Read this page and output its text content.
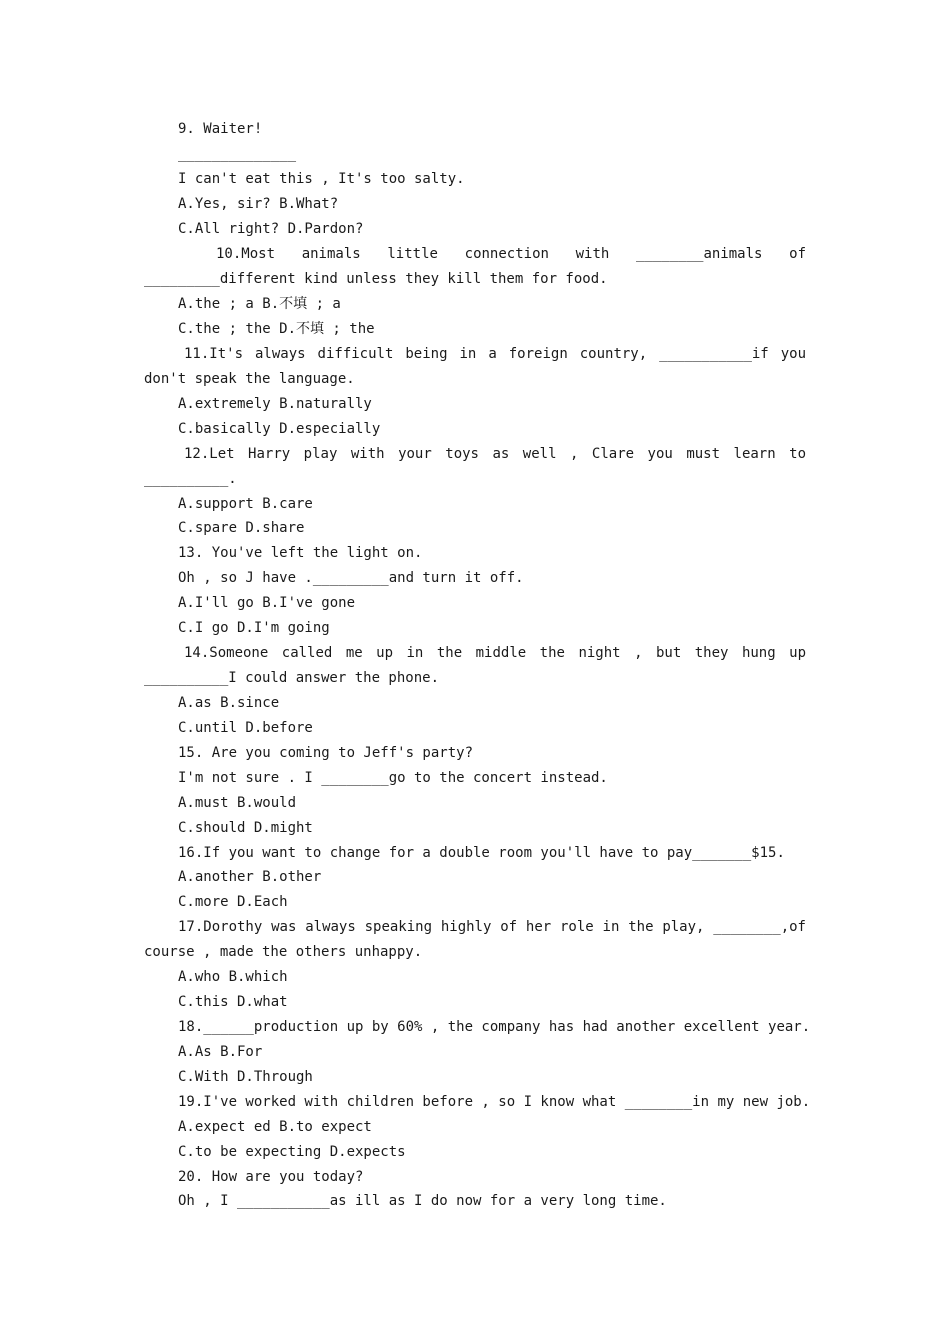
9. Waiter!
______________
I can't eat this , It's too salty.
A.Yes, sir? B.What?
C.All right? D.Pardon?
10.Most animals little connection with ________animals of
_________different kind unless they kill them for food.
A.the ; a B.不填 ; a
C.the ; the D.不填 ; the
11.It's always difficult being in a foreign country, ___________if you
don't speak the language.
A.extremely B.naturally
C.basically D.especially
12.Let Harry play with your toys as well , Clare you must learn to
__________.
A.support B.care
C.spare D.share
13. You've left the light on.
Oh , so J have ._________and turn it off.
A.I'll go B.I've gone
C.I go D.I'm going
14.Someone called me up in the middle the night , but they hung up
__________I could answer the phone.
A.as B.since
C.until D.before
15. Are you coming to Jeff's party?
I'm not sure . I ________go to the concert instead.
A.must B.would
C.should D.might
16.If you want to change for a double room you'll have to pay_______$15.
A.another B.other
C.more D.Each
17.Dorothy was always speaking highly of her role in the play, ________,of
course , made the others unhappy.
A.who B.which
C.this D.what
18.______production up by 60% , the company has had another excellent year.
A.As B.For
C.With D.Through
19.I've worked with children before , so I know what ________in my new job.
A.expect ed B.to expect
C.to be expecting D.expects
20. How are you today?
Oh , I ___________as ill as I do now for a very long time.
